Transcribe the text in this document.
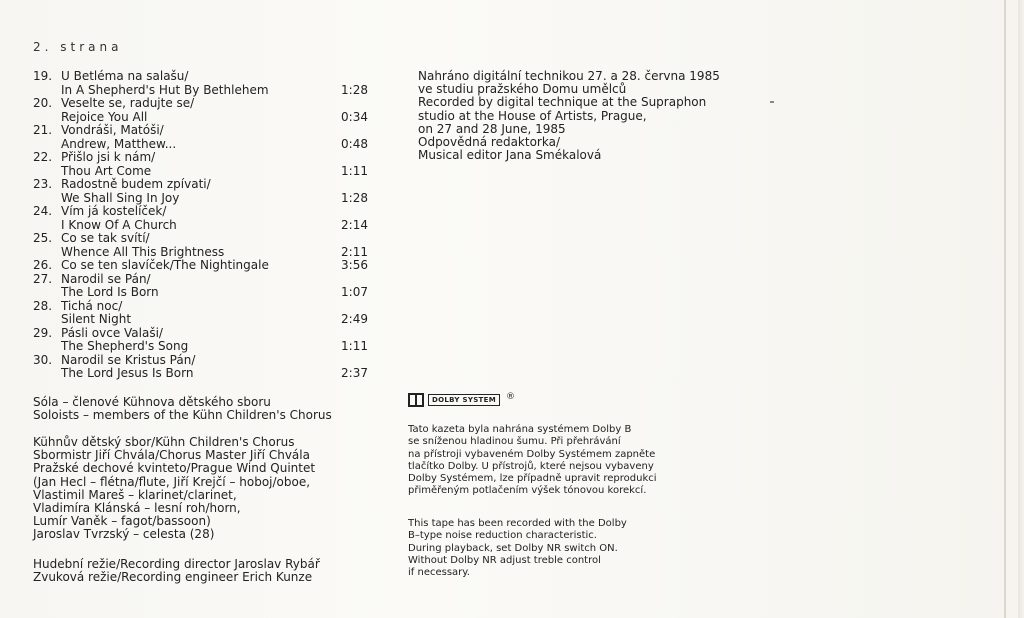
2. strana
19. U Betléma na salašu/
In A Shepherd's Hut By Bethlehem	1:28
20. Veselte se, radujte se/
Rejoice You All	0:34
21. Vondráši, Matóši/
Andrew, Matthew...	0:48
22. Přišlo jsi k nám/
Thou Art Come	1:11
23. Radostně budem zpívati/
We Shall Sing In Joy	1:28
24. Vím já kostelíček/
I Know Of A Church	2:14
25. Co se tak svítí/
Whence All This Brightness	2:11
26. Co se ten slavíček/The Nightingale	3:56
27. Narodil se Pán/
The Lord Is Born	1:07
28. Tichá noc/
Silent Night	2:49
29. Pásli ovce Valaši/
The Shepherd's Song	1:11
30. Narodil se Kristus Pán/
The Lord Jesus Is Born	2:37
Sóla – členové Kühnova dětského sboru
Soloists – members of the Kühn Children's Chorus
Kühnův dětský sbor/Kühn Children's Chorus
Sbormistr Jiří Chvála/Chorus Master Jiří Chvála
Pražské dechové kvinteto/Prague Wind Quintet
(Jan Hecl – flétna/flute, Jiří Krejčí – hoboj/oboe,
Vlastimil Mareš – klarinet/clarinet,
Vladimíra Klánská – lesní roh/horn,
Lumír Vaněk – fagot/bassoon)
Jaroslav Tvrzský – celesta (28)
Hudební režie/Recording director Jaroslav Rybář
Zvuková režie/Recording engineer Erich Kunze
Nahráno digitální technikou 27. a 28. června 1985
ve studiu pražského Domu umělců
Recorded by digital technique at the Supraphon
studio at the House of Artists, Prague,
on 27 and 28 June, 1985
Odpovědná redaktorka/
Musical editor Jana Smékalová
DOLBY SYSTEM	®
Tato kazeta byla nahrána systémem Dolby B
se sníženou hladinou šumu. Při přehrávání
na přístroji vybaveném Dolby Systémem zapněte
tlačítko Dolby. U přístrojů, které nejsou vybaveny
Dolby Systémem, lze případně upravit reprodukci
přiměřeným potlačením výšek tónovou korekcí.
This tape has been recorded with the Dolby
B–type noise reduction characteristic.
During playback, set Dolby NR switch ON.
Without Dolby NR adjust treble control
if necessary.
